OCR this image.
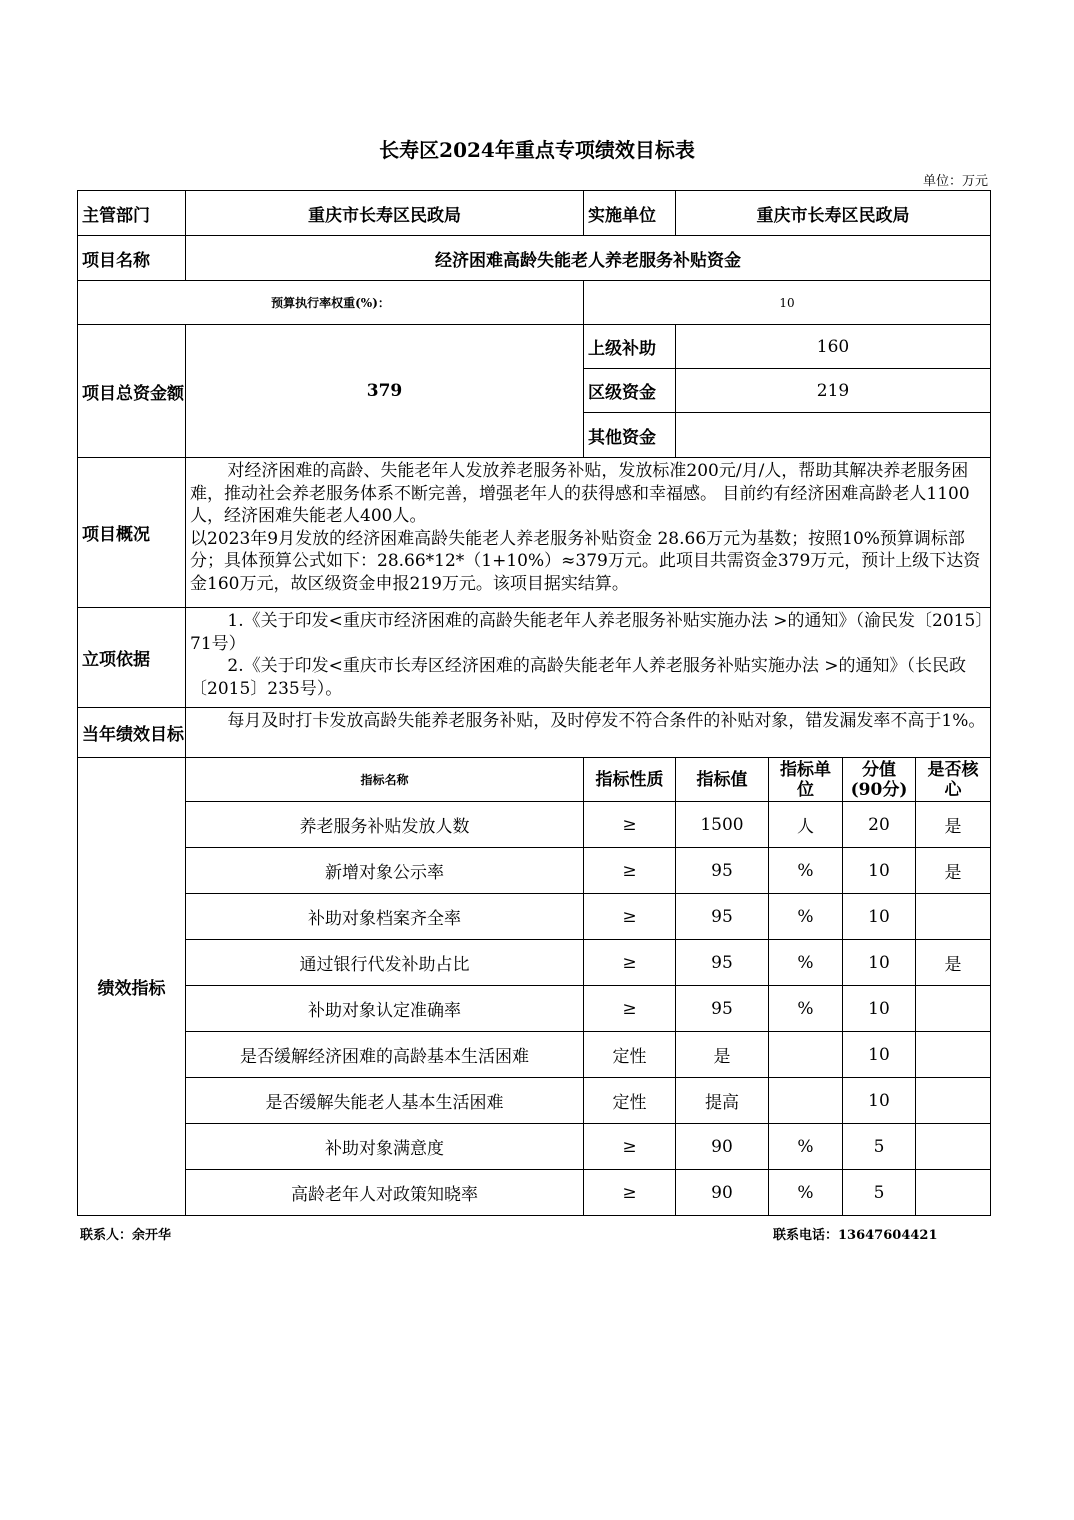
长寿区2024年重点专项绩效目标表
单位：万元
主管部门	重庆市长寿区民政局	实施单位	重庆市长寿区民政局			
项目名称	经济困难高龄失能老人养老服务补贴资金					
预算执行率权重(%)：		10				
项目总资金额	379	上级补助	160			
		区级资金	219			
		其他资金				
项目概况	对经济困难的高龄、失能老年人发放养老服务补贴，发放标准200元/月/人，帮助其解决养老服务困难，推动社会养老服务体系不断完善，增强老年人的获得感和幸福感。 目前约有经济困难高龄老人1100人，经济困难失能老人400人。
以2023年9月发放的经济困难高龄失能老人养老服务补贴资金 28.66万元为基数；按照10%预算调标部分；具体预算公式如下：28.66*12*（1+10%）≈379万元。此项目共需资金379万元，预计上级下达资金160万元，故区级资金申报219万元。该项目据实结算。					

立项依据	1.《关于印发<重庆市经济困难的高龄失能老年人养老服务补贴实施办法 >的通知》（渝民发〔2015〕71号）
2.《关于印发<重庆市长寿区经济困难的高龄失能老年人养老服务补贴实施办法 >的通知》（长民政〔2015〕235号）。					

当年绩效目标	每月及时打卡发放高龄失能养老服务补贴，及时停发不符合条件的补贴对象，错发漏发率不高于1%。					

绩效指标	指标名称	指标性质	指标值	指标单位	分值(90分)	是否核心
	养老服务补贴发放人数	≥	1500	人	20	是
	新增对象公示率	≥	95	%	10	是
	补助对象档案齐全率	≥	95	%	10	
	通过银行代发补助占比	≥	95	%	10	是
	补助对象认定准确率	≥	95	%	10	
	是否缓解经济困难的高龄基本生活困难	定性	是		10	
	是否缓解失能老人基本生活困难	定性	提高		10	
	补助对象满意度	≥	90	%	5	
	高龄老年人对政策知晓率	≥	90	%	5	
联系人：余开华	联系电话：13647604421
